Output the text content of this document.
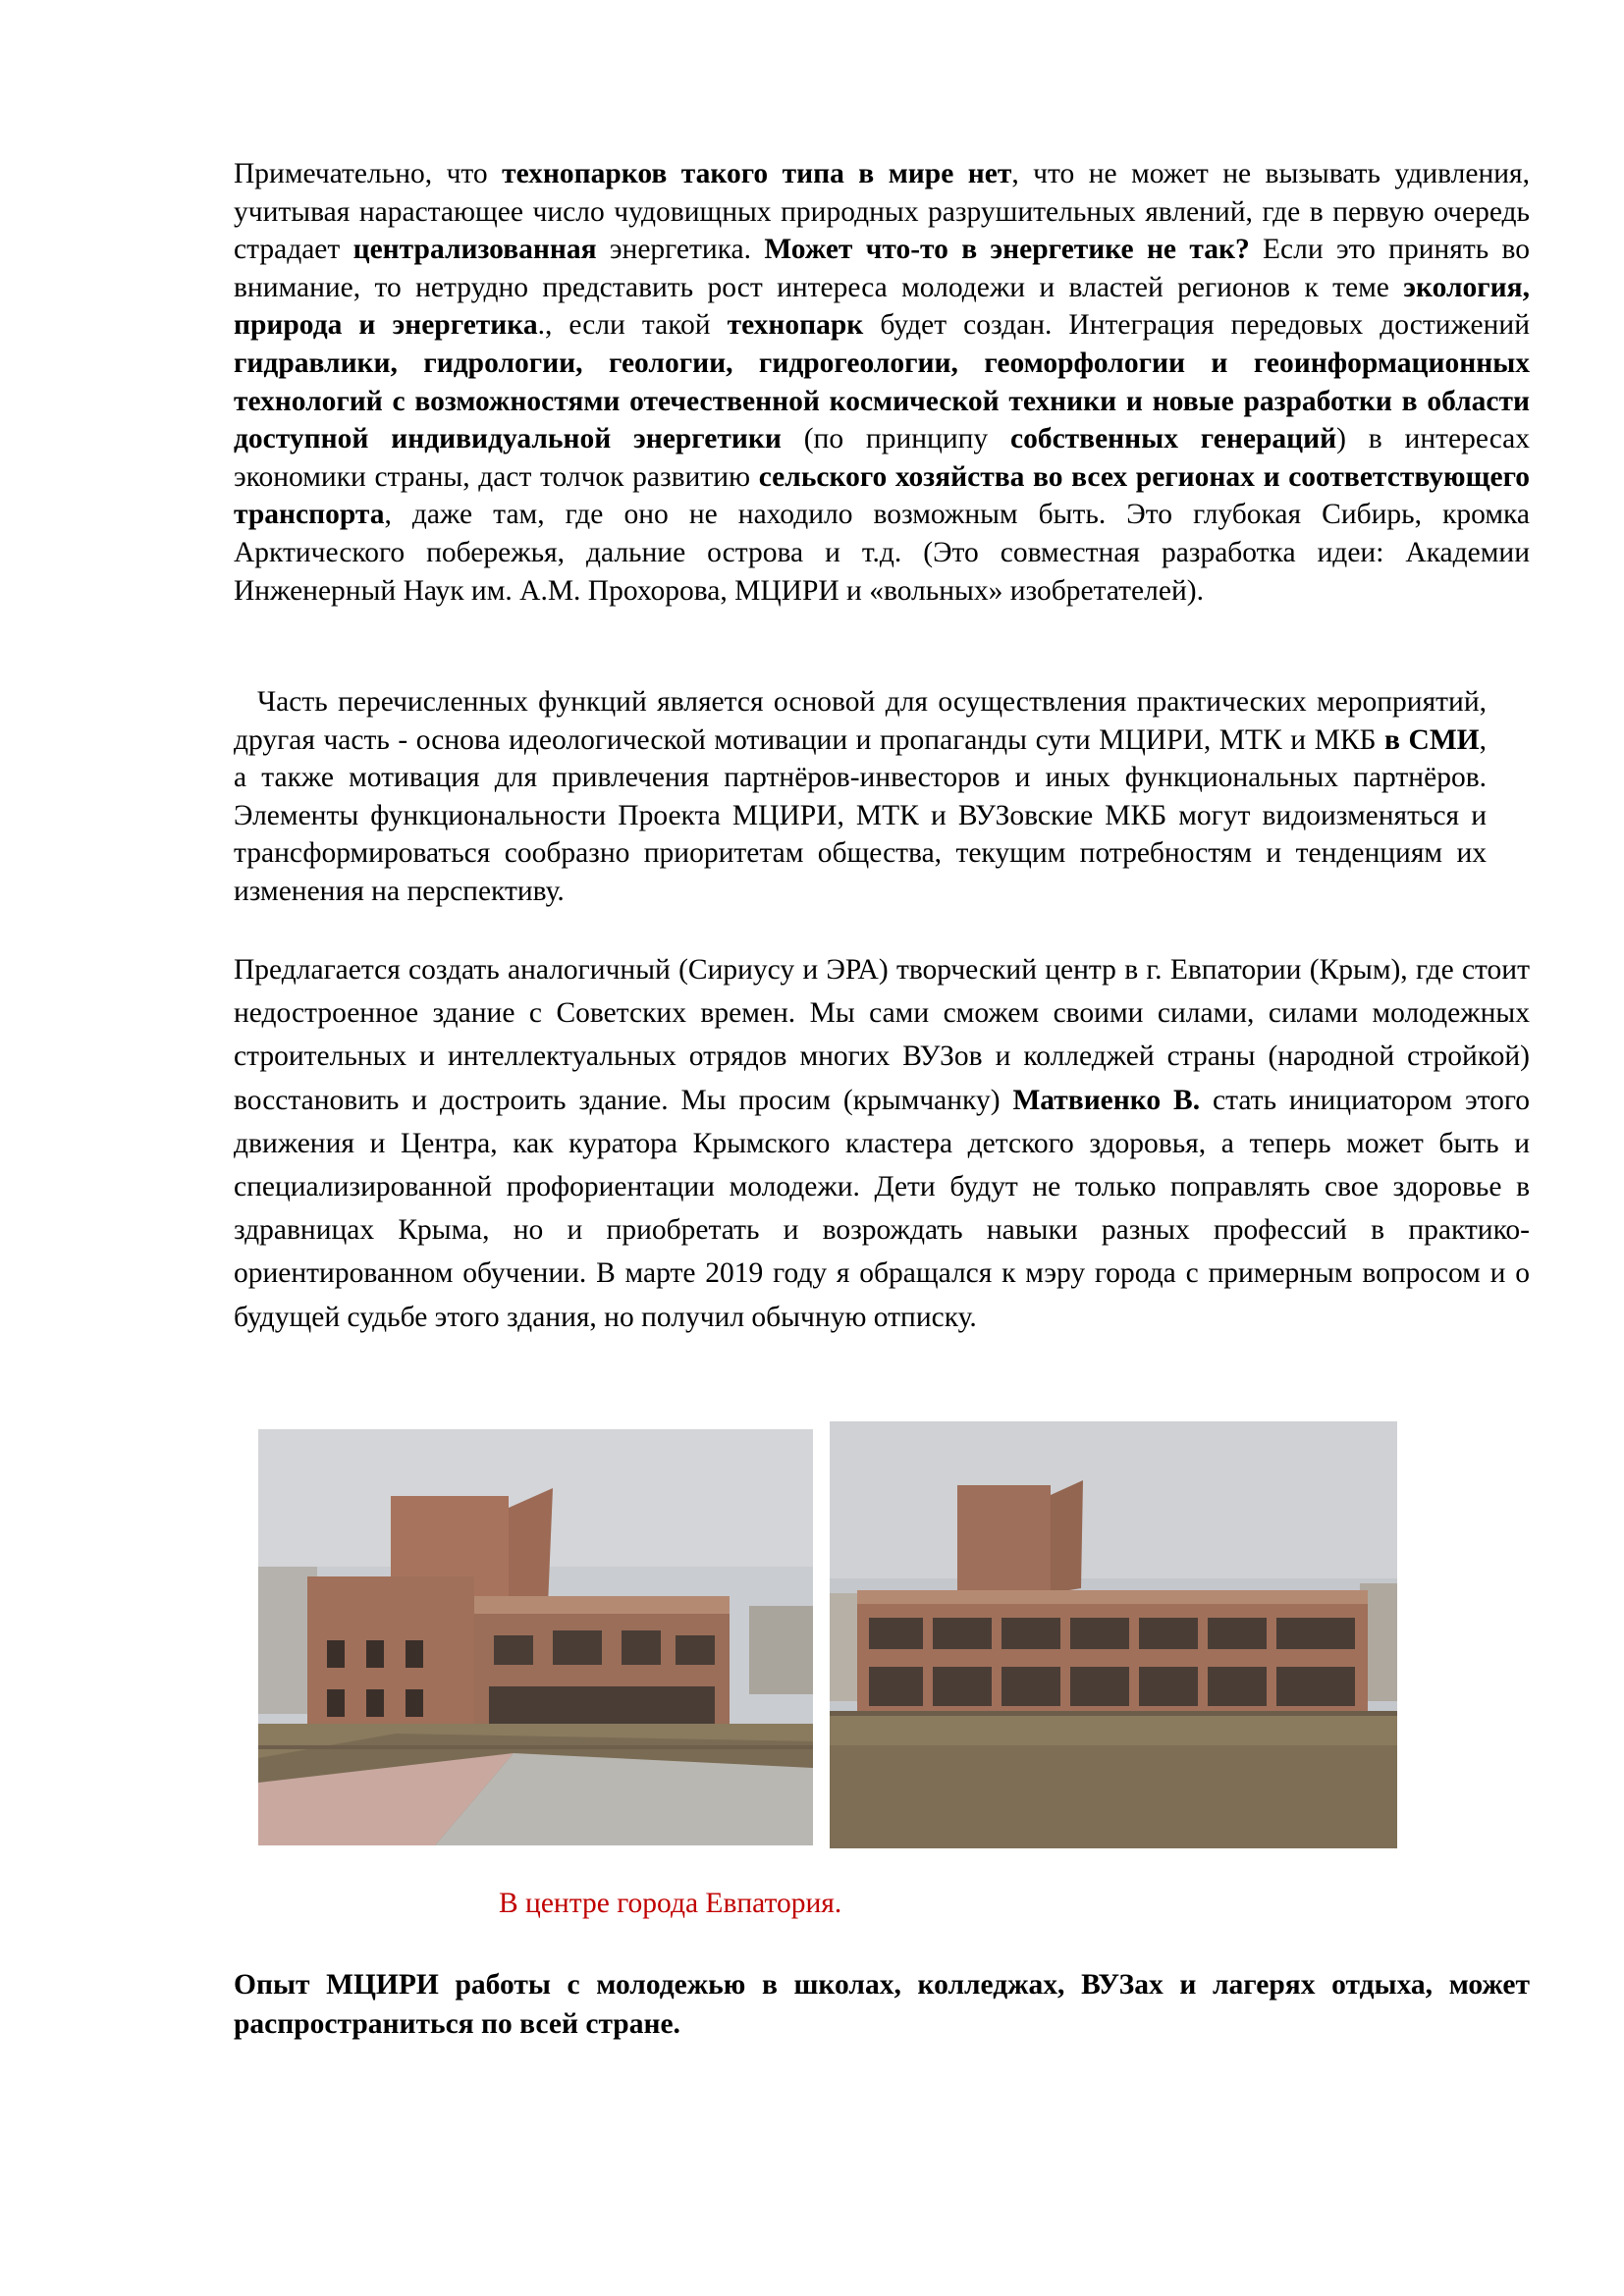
Примечательно, что технопарков такого типа в мире нет, что не может не вызывать удивления, учитывая нарастающее число чудовищных природных разрушительных явлений, где в первую очередь страдает централизованная энергетика. Может что-то в энергетике не так? Если это принять во внимание, то нетрудно представить рост интереса молодежи и властей регионов к теме экология, природа и энергетика., если такой технопарк будет создан. Интеграция передовых достижений гидравлики, гидрологии, геологии, гидрогеологии, геоморфологии и геоинформационных технологий с возможностями отечественной космической техники и новые разработки в области доступной индивидуальной энергетики (по принципу собственных генераций) в интересах экономики страны, даст толчок развитию сельского хозяйства во всех регионах и соответствующего транспорта, даже там, где оно не находило возможным быть. Это глубокая Сибирь, кромка Арктического побережья, дальние острова и т.д. (Это совместная разработка идеи: Академии Инженерный Наук им. А.М. Прохорова, МЦИРИ и «вольных» изобретателей).

Часть перечисленных функций является основой для осуществления практических мероприятий, другая часть - основа идеологической мотивации и пропаганды сути МЦИРИ, МТК и МКБ в СМИ, а также мотивация для привлечения партнёров-инвесторов и иных функциональных партнёров. Элементы функциональности Проекта МЦИРИ, МТК и ВУЗовские МКБ могут видоизменяться и трансформироваться сообразно приоритетам общества, текущим потребностям и тенденциям их изменения на перспективу.

Предлагается создать аналогичный (Сириусу и ЭРА) творческий центр в г. Евпатории (Крым), где стоит недостроенное здание с Советских времен. Мы сами сможем своими силами, силами молодежных строительных и интеллектуальных отрядов многих ВУЗов и колледжей страны (народной стройкой) восстановить и достроить здание. Мы просим (крымчанку) Матвиенко В. стать инициатором этого движения и Центра, как куратора Крымского кластера детского здоровья, а теперь может быть и специализированной профориентации молодежи. Дети будут не только поправлять свое здоровье в здравницах Крыма, но и приобретать и возрождать навыки разных профессий в практико-ориентированном обучении. В марте 2019 году я обращался к мэру города с примерным вопросом и о будущей судьбе этого здания, но получил обычную отписку.

В центре города Евпатория.

Опыт МЦИРИ работы с молодежью в школах, колледжах, ВУЗах и лагерях отдыха, может распространиться по всей стране.
